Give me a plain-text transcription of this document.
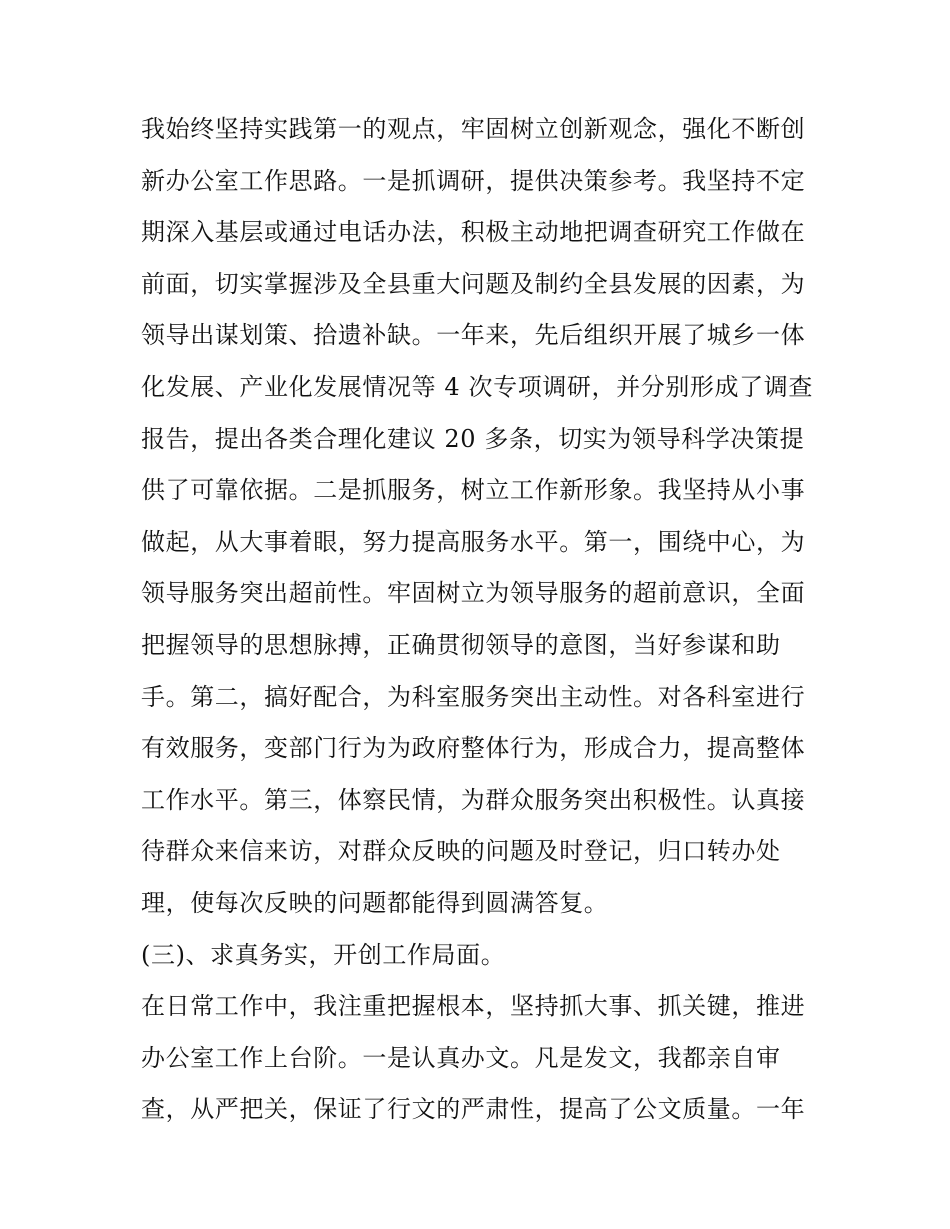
我始终坚持实践第一的观点，牢固树立创新观念，强化不断创
新办公室工作思路。一是抓调研，提供决策参考。我坚持不定
期深入基层或通过电话办法，积极主动地把调查研究工作做在
前面，切实掌握涉及全县重大问题及制约全县发展的因素，为
领导出谋划策、拾遗补缺。一年来，先后组织开展了城乡一体
化发展、产业化发展情况等 4 次专项调研，并分别形成了调查
报告，提出各类合理化建议 20 多条，切实为领导科学决策提
供了可靠依据。二是抓服务，树立工作新形象。我坚持从小事
做起，从大事着眼，努力提高服务水平。第一，围绕中心，为
领导服务突出超前性。牢固树立为领导服务的超前意识，全面
把握领导的思想脉搏，正确贯彻领导的意图，当好参谋和助
手。第二，搞好配合，为科室服务突出主动性。对各科室进行
有效服务，变部门行为为政府整体行为，形成合力，提高整体
工作水平。第三，体察民情，为群众服务突出积极性。认真接
待群众来信来访，对群众反映的问题及时登记，归口转办处
理，使每次反映的问题都能得到圆满答复。
(三)、求真务实，开创工作局面。
在日常工作中，我注重把握根本，坚持抓大事、抓关键，推进
办公室工作上台阶。一是认真办文。凡是发文，我都亲自审
查，从严把关，保证了行文的严肃性，提高了公文质量。一年
